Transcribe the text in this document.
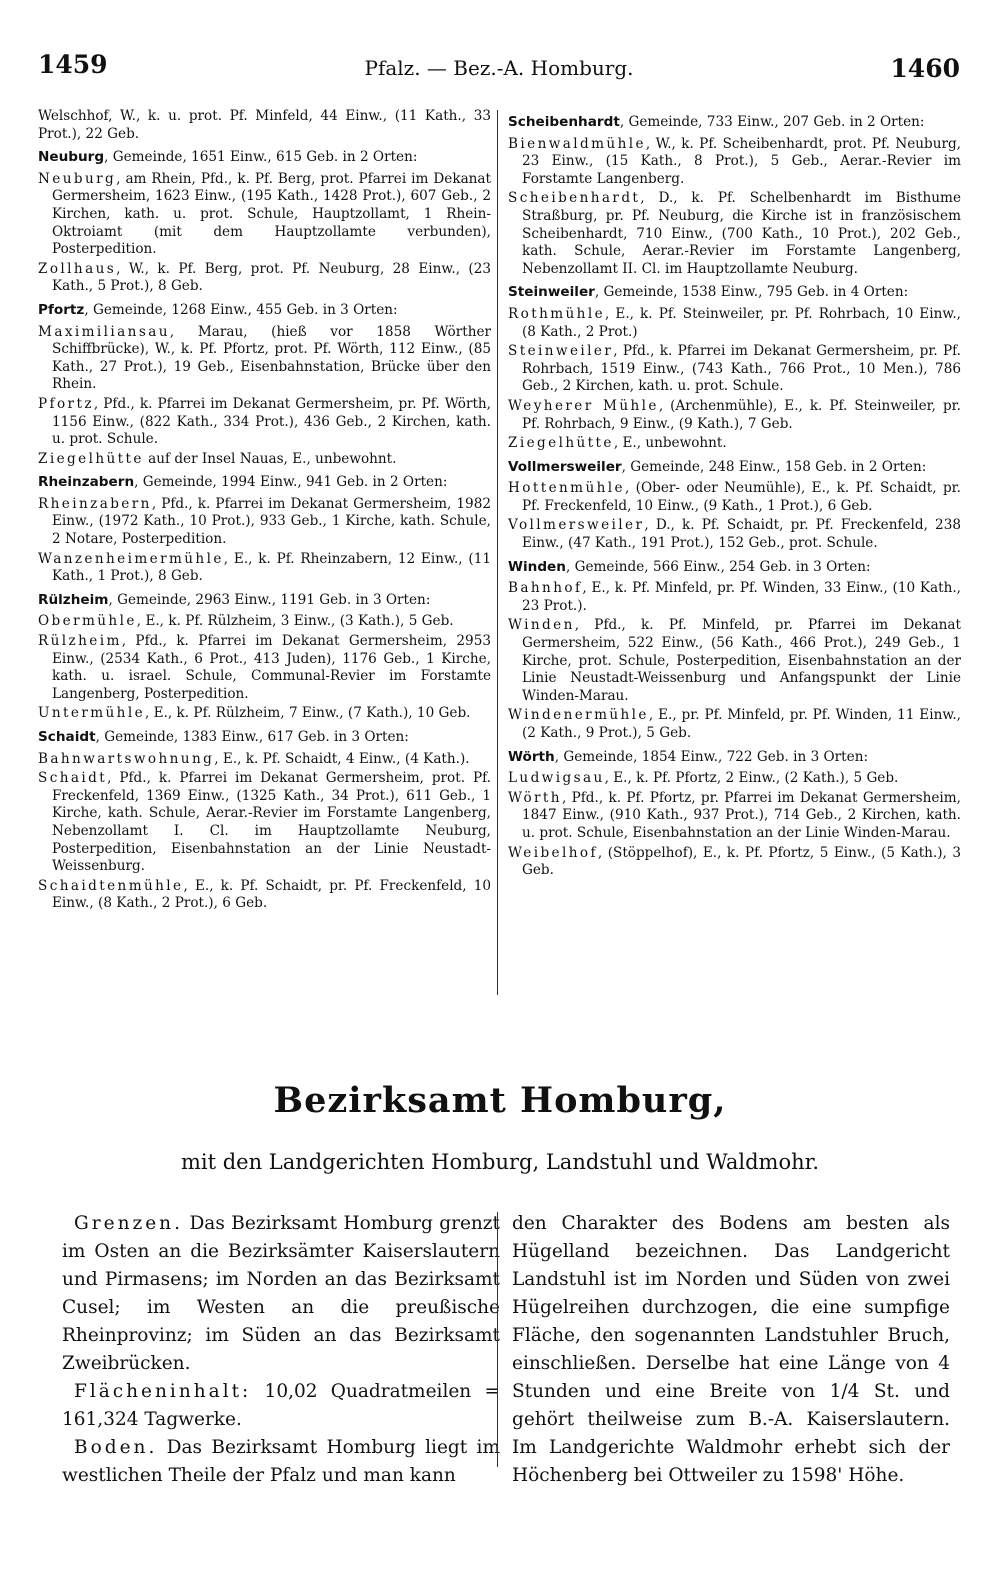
1459	Pfalz. — Bez.-A. Homburg.	1460
Welschhof, W., k. u. prot. Pf. Minfeld, 44 Einw., (11 Kath., 33 Prot.), 22 Geb.
Neuburg, Gemeinde, 1651 Einw., 615 Geb. in 2 Orten:
Neuburg, am Rhein, Pfd., k. Pf. Berg, prot. Pfarrei im Dekanat Germersheim, 1623 Einw., (195 Kath., 1428 Prot.), 607 Geb., 2 Kirchen, kath. u. prot. Schule, Hauptzollamt, 1 Rhein-Oktroiamt (mit dem Hauptzollamte verbunden), Posterpedition.
Zollhaus, W., k. Pf. Berg, prot. Pf. Neuburg, 28 Einw., (23 Kath., 5 Prot.), 8 Geb.
Pfortz, Gemeinde, 1268 Einw., 455 Geb. in 3 Orten:
Maximiliansau, Marau, (hieß vor 1858 Wörther Schiffbrücke), W., k. Pf. Pfortz, prot. Pf. Wörth, 112 Einw., (85 Kath., 27 Prot.), 19 Geb., Eisenbahnstation, Brücke über den Rhein.
Pfortz, Pfd., k. Pfarrei im Dekanat Germersheim, pr. Pf. Wörth, 1156 Einw., (822 Kath., 334 Prot.), 436 Geb., 2 Kirchen, kath. u. prot. Schule.
Ziegelhütte auf der Insel Nauas, E., unbewohnt.
Rheinzabern, Gemeinde, 1994 Einw., 941 Geb. in 2 Orten:
Rheinzabern, Pfd., k. Pfarrei im Dekanat Germersheim, 1982 Einw., (1972 Kath., 10 Prot.), 933 Geb., 1 Kirche, kath. Schule, 2 Notare, Posterpedition.
Wanzenheimermühle, E., k. Pf. Rheinzabern, 12 Einw., (11 Kath., 1 Prot.), 8 Geb.
Rülzheim, Gemeinde, 2963 Einw., 1191 Geb. in 3 Orten:
Obermühle, E., k. Pf. Rülzheim, 3 Einw., (3 Kath.), 5 Geb.
Rülzheim, Pfd., k. Pfarrei im Dekanat Germersheim, 2953 Einw., (2534 Kath., 6 Prot., 413 Juden), 1176 Geb., 1 Kirche, kath. u. israel. Schule, Communal-Revier im Forstamte Langenberg, Posterpedition.
Untermühle, E., k. Pf. Rülzheim, 7 Einw., (7 Kath.), 10 Geb.
Schaidt, Gemeinde, 1383 Einw., 617 Geb. in 3 Orten:
Bahnwartswohnung, E., k. Pf. Schaidt, 4 Einw., (4 Kath.).
Schaidt, Pfd., k. Pfarrei im Dekanat Germersheim, prot. Pf. Freckenfeld, 1369 Einw., (1325 Kath., 34 Prot.), 611 Geb., 1 Kirche, kath. Schule, Aerar.-Revier im Forstamte Langenberg, Nebenzollamt I. Cl. im Hauptzollamte Neuburg, Posterpedition, Eisenbahnstation an der Linie Neustadt-Weissenburg.
Schaidtenmühle, E., k. Pf. Schaidt, pr. Pf. Freckenfeld, 10 Einw., (8 Kath., 2 Prot.), 6 Geb.
Scheibenhardt, Gemeinde, 733 Einw., 207 Geb. in 2 Orten:
Bienwaldmühle, W., k. Pf. Scheibenhardt, prot. Pf. Neuburg, 23 Einw., (15 Kath., 8 Prot.), 5 Geb., Aerar.-Revier im Forstamte Langenberg.
Scheibenhardt, D., k. Pf. Schelbenhardt im Bisthume Straßburg, pr. Pf. Neuburg, die Kirche ist in französischem Scheibenhardt, 710 Einw., (700 Kath., 10 Prot.), 202 Geb., kath. Schule, Aerar.-Revier im Forstamte Langenberg, Nebenzollamt II. Cl. im Hauptzollamte Neuburg.
Steinweiler, Gemeinde, 1538 Einw., 795 Geb. in 4 Orten:
Rothmühle, E., k. Pf. Steinweiler, pr. Pf. Rohrbach, 10 Einw., (8 Kath., 2 Prot.)
Steinweiler, Pfd., k. Pfarrei im Dekanat Germersheim, pr. Pf. Rohrbach, 1519 Einw., (743 Kath., 766 Prot., 10 Men.), 786 Geb., 2 Kirchen, kath. u. prot. Schule.
Weyherer Mühle, (Archenmühle), E., k. Pf. Steinweiler, pr. Pf. Rohrbach, 9 Einw., (9 Kath.), 7 Geb.
Ziegelhütte, E., unbewohnt.
Vollmersweiler, Gemeinde, 248 Einw., 158 Geb. in 2 Orten:
Hottenmühle, (Ober- oder Neumühle), E., k. Pf. Schaidt, pr. Pf. Freckenfeld, 10 Einw., (9 Kath., 1 Prot.), 6 Geb.
Vollmersweiler, D., k. Pf. Schaidt, pr. Pf. Freckenfeld, 238 Einw., (47 Kath., 191 Prot.), 152 Geb., prot. Schule.
Winden, Gemeinde, 566 Einw., 254 Geb. in 3 Orten:
Bahnhof, E., k. Pf. Minfeld, pr. Pf. Winden, 33 Einw., (10 Kath., 23 Prot.).
Winden, Pfd., k. Pf. Minfeld, pr. Pfarrei im Dekanat Germersheim, 522 Einw., (56 Kath., 466 Prot.), 249 Geb., 1 Kirche, prot. Schule, Posterpedition, Eisenbahnstation an der Linie Neustadt-Weissenburg und Anfangspunkt der Linie Winden-Marau.
Windenermühle, E., pr. Pf. Minfeld, pr. Pf. Winden, 11 Einw., (2 Kath., 9 Prot.), 5 Geb.
Wörth, Gemeinde, 1854 Einw., 722 Geb. in 3 Orten:
Ludwigsau, E., k. Pf. Pfortz, 2 Einw., (2 Kath.), 5 Geb.
Wörth, Pfd., k. Pf. Pfortz, pr. Pfarrei im Dekanat Germersheim, 1847 Einw., (910 Kath., 937 Prot.), 714 Geb., 2 Kirchen, kath. u. prot. Schule, Eisenbahnstation an der Linie Winden-Marau.
Weibelhof, (Stöppelhof), E., k. Pf. Pfortz, 5 Einw., (5 Kath.), 3 Geb.
Bezirksamt Homburg,
mit den Landgerichten Homburg, Landstuhl und Waldmohr.

Grenzen. Das Bezirksamt Homburg grenzt im Osten an die Bezirksämter Kaiserslautern und Pirmasens; im Norden an das Bezirksamt Cusel; im Westen an die preußische Rheinprovinz; im Süden an das Bezirksamt Zweibrücken.

Flächeninhalt: 10,02 Quadratmeilen = 161,324 Tagwerke.

Boden. Das Bezirksamt Homburg liegt im westlichen Theile der Pfalz und man kann

den Charakter des Bodens am besten als Hügelland bezeichnen. Das Landgericht Landstuhl ist im Norden und Süden von zwei Hügelreihen durchzogen, die eine sumpfige Fläche, den sogenannten Landstuhler Bruch, einschließen. Derselbe hat eine Länge von 4 Stunden und eine Breite von 1/4 St. und gehört theilweise zum B.-A. Kaiserslautern. Im Landgerichte Waldmohr erhebt sich der Höchenberg bei Ottweiler zu 1598' Höhe.
